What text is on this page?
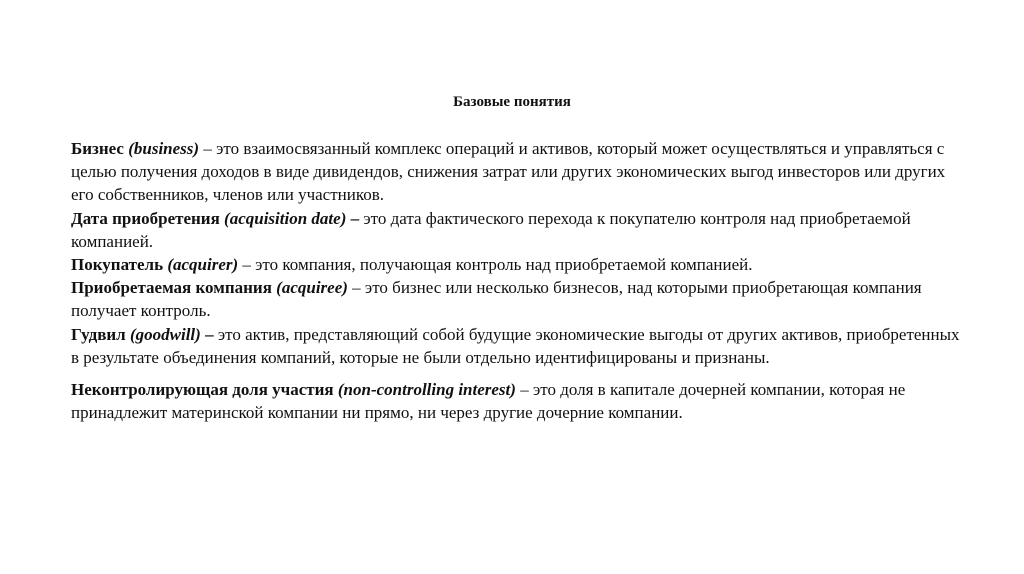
Базовые понятия

Бизнес (business) – это взаимосвязанный комплекс операций и активов, который может осуществляться и управляться с целью получения доходов в виде дивидендов, снижения затрат или других экономических выгод инвесторов или других его собственников, членов или участников.

Дата приобретения (acquisition date) – это дата фактического перехода к покупателю контроля над приобретаемой компанией.

Покупатель (acquirer) – это компания, получающая контроль над приобретаемой компанией.

Приобретаемая компания (acquiree) – это бизнес или несколько бизнесов, над которыми приобретающая компания получает контроль.

Гудвил (goodwill) – это актив, представляющий собой будущие экономические выгоды от других активов, приобретенных в результате объединения компаний, которые не были отдельно идентифицированы и признаны.

Неконтролирующая доля участия (non-controlling interest) – это доля в капитале дочерней компании, которая не принадлежит материнской компании ни прямо, ни через другие дочерние компании.
